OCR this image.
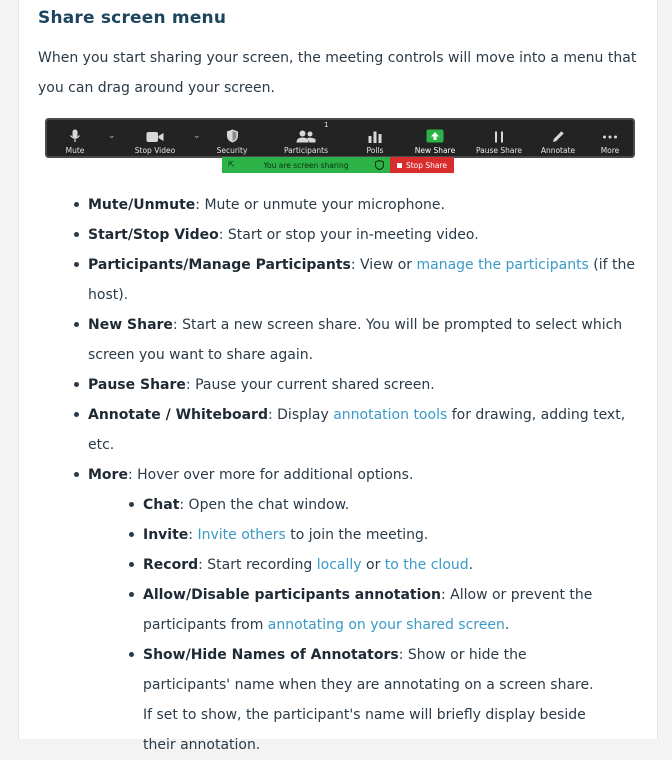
Share screen menu

When you start sharing your screen, the meeting controls will move into a menu that you can drag around your screen.

Mute
⌄
Stop Video
⌄
Security	Participants
1
Polls	New Share	Pause Share	Annotate	More
⇱	You are screen sharing	Stop Share
Mute/Unmute: Mute or unmute your microphone.
Start/Stop Video: Start or stop your in-meeting video.
Participants/Manage Participants: View or manage the participants (if the host).
New Share: Start a new screen share. You will be prompted to select which screen you want to share again.
Pause Share: Pause your current shared screen.
Annotate / Whiteboard: Display annotation tools for drawing, adding text, etc.
More: Hover over more for additional options.
Chat: Open the chat window.
Invite: Invite others to join the meeting.
Record: Start recording locally or to the cloud.
Allow/Disable participants annotation: Allow or prevent the participants from annotating on your shared screen.
Show/Hide Names of Annotators: Show or hide the participants' name when they are annotating on a screen share. If set to show, the participant's name will briefly display beside their annotation.
